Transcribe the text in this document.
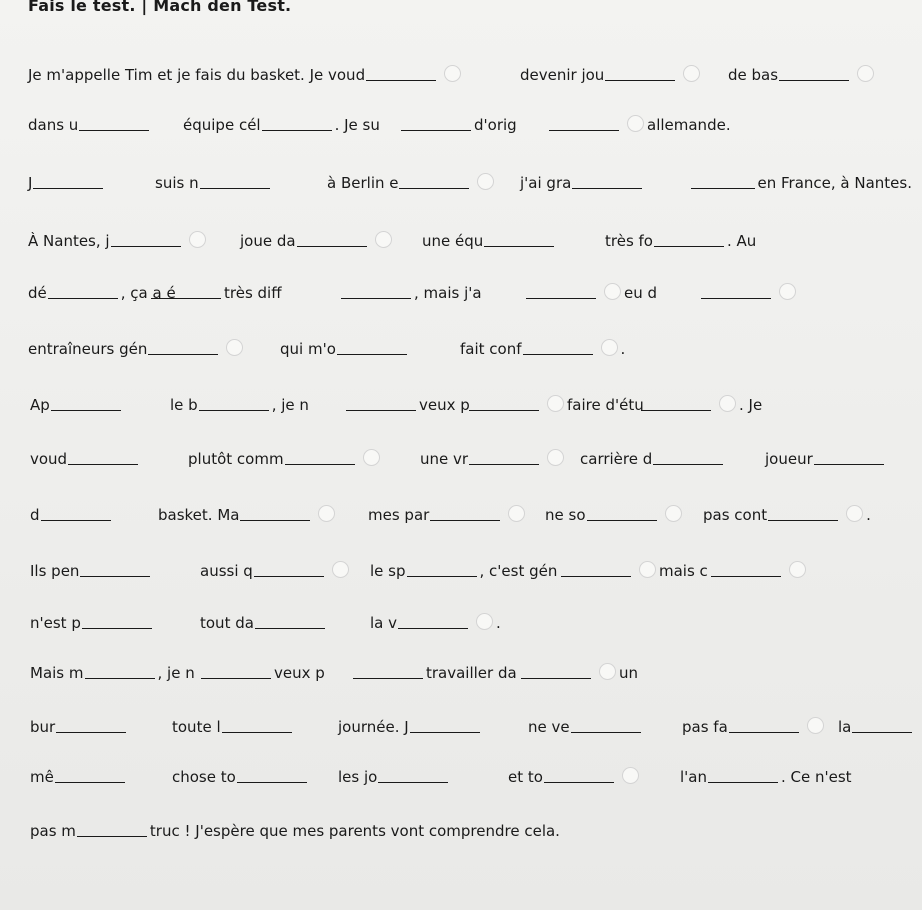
Fais le test. | Mach den Test.
Je m'appelle Tim et je fais du basket. Je voud	devenir jou	de bas
dans u	équipe cél	. Je su	d'orig	allemande.
J	suis n	à Berlin e	j'ai gra	en France, à Nantes.
À Nantes, j	joue da	une équ	très fo	. Au
dé	, ça a é	très diff	, mais j'a	eu d
entraîneurs gén	qui m'o	fait conf	.
Ap	le b	, je n	veux p	faire d'étu	. Je
voud	plutôt comm	une vr	carrière d	joueur
d	basket. Ma	mes par	ne so	pas cont	.
Ils pen	aussi q	le sp	, c'est gén	mais c
n'est p	tout da	la v	.
Mais m	, je n	veux p	travailler da	un
bur	toute l	journée. J	ne ve	pas fa	la
mê	chose to	les jo	et to	l'an	. Ce n'est
pas m	truc ! J'espère que mes parents vont comprendre cela.
